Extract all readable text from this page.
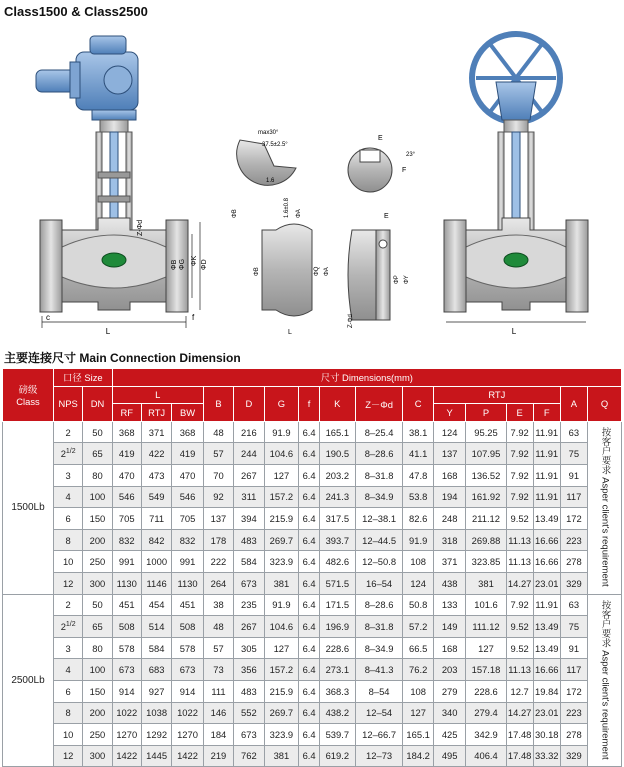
Class1500 & Class2500
L
c	f
ΦK ΦD
ΦG
ΦB
Z-Φd
max30°
37.5±2.5°
1.6
1.6±0.8
ΦB	ΦA
ΦB	ΦQ ΦA
L
E
F
23°
E
ΦP ΦY
Z-Φd
L
主要连接尺寸 Main Connection Dimension
磅级
Class	口径 Size		尺寸 Dimensions(mm)															
	NPS	DN	L			B	D	G	f	K	Z－Φd	C	RTJ				A	Q
			RF	RTJ	BW								Y	P	E	F		
1500Lb	2	50	368	371	368	48	216	91.9	6.4	165.1	8–25.4	38.1	124	95.25	7.92	11.91	63	按客户要求 Asper client's requirement
	$2^{1/2}$	65	419	422	419	57	244	104.6	6.4	190.5	8–28.6	41.1	137	107.95	7.92	11.91	75	
	3	80	470	473	470	70	267	127	6.4	203.2	8–31.8	47.8	168	136.52	7.92	11.91	91	
	4	100	546	549	546	92	311	157.2	6.4	241.3	8–34.9	53.8	194	161.92	7.92	11.91	117	
	6	150	705	711	705	137	394	215.9	6.4	317.5	12–38.1	82.6	248	211.12	9.52	13.49	172	
	8	200	832	842	832	178	483	269.7	6.4	393.7	12–44.5	91.9	318	269.88	11.13	16.66	223	
	10	250	991	1000	991	222	584	323.9	6.4	482.6	12–50.8	108	371	323.85	11.13	16.66	278	
	12	300	1130	1146	1130	264	673	381	6.4	571.5	16–54	124	438	381	14.27	23.01	329	
2500Lb	2	50	451	454	451	38	235	91.9	6.4	171.5	8–28.6	50.8	133	101.6	7.92	11.91	63	按客户要求 Asper client's requirement
	$2^{1/2}$	65	508	514	508	48	267	104.6	6.4	196.9	8–31.8	57.2	149	111.12	9.52	13.49	75	
	3	80	578	584	578	57	305	127	6.4	228.6	8–34.9	66.5	168	127	9.52	13.49	91	
	4	100	673	683	673	73	356	157.2	6.4	273.1	8–41.3	76.2	203	157.18	11.13	16.66	117	
	6	150	914	927	914	111	483	215.9	6.4	368.3	8–54	108	279	228.6	12.7	19.84	172	
	8	200	1022	1038	1022	146	552	269.7	6.4	438.2	12–54	127	340	279.4	14.27	23.01	223	
	10	250	1270	1292	1270	184	673	323.9	6.4	539.7	12–66.7	165.1	425	342.9	17.48	30.18	278	
	12	300	1422	1445	1422	219	762	381	6.4	619.2	12–73	184.2	495	406.4	17.48	33.32	329	
